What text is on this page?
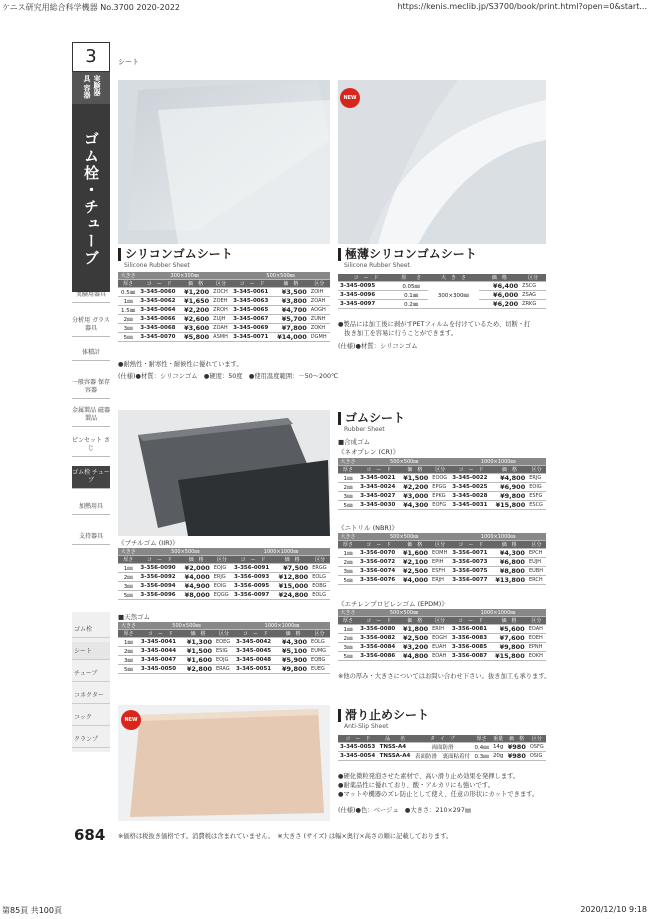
ケニス研究用総合科学機器 No.3700 2020-2022	https://kenis.meclib.jp/S3700/book/print.html?open=0&start...
3
実験器具 容器
ゴム栓・チューブ
シート
NEW
シリコンゴムシート
Silicone Rubber Sheet
大きさ	300×300㎜			500×500㎜		
厚さ	コ　ー　ド	価　格	区分	コ　ー　ド	価　格	区分
0.5㎜	3-345-0060	¥1,200	ZOCH	3-345-0061	¥3,500	ZOIH
1㎜	3-345-0062	¥1,650	ZOEH	3-345-0063	¥3,800	ZOAH
1.5㎜	3-345-0064	¥2,200	ZROH	3-345-0065	¥4,700	AOGH
2㎜	3-345-0066	¥2,600	ZUJH	3-345-0067	¥5,700	ZUNH
3㎜	3-345-0068	¥3,600	ZOAH	3-345-0069	¥7,800	ZOKH
5㎜	3-345-0070	¥5,800	ASMH	3-345-0071	¥14,000	DGMH
●耐熱性・耐寒性・耐候性に優れています。
(仕様)●材質：シリコンゴム　●硬度：50度　●使用温度範囲：－50～200℃
極薄シリコンゴムシート
Silicone Rubber Sheet
コ　ー　ド	厚　　さ	大　き　さ	価　格	区分
3-345-0095	0.05㎜	300×300㎜	¥6,400	ZSCG
3-345-0096	0.1㎜		¥6,000	ZSAG
3-345-0097	0.2㎜		¥6,200	ZRKG
●製品には加工後に剥がすPETフィルムを付けているため、切断・打
　抜き加工を容易に行うことができます。
(仕様)●材質：シリコンゴム
ゴムシート
Rubber Sheet
■合成ゴム
《ネオプレン (CR)》
大きさ	500×500㎜			1000×1000㎜		
厚さ	コ　ー　ド	価　格	区分	コ　ー　ド	価　格	区分
1㎜	3-345-0021	¥1,500	EOOG	3-345-0022	¥4,800	ERJG
2㎜	3-345-0024	¥2,200	EPGG	3-345-0025	¥6,900	EOIG
3㎜	3-345-0027	¥3,000	EPKG	3-345-0028	¥9,800	ESFG
5㎜	3-345-0030	¥4,300	EOFG	3-345-0031	¥15,800	ESCG
《ニトリル (NBR)》
大きさ	500×500㎜			1000×1000㎜		
厚さ	コ　ー　ド	価　格	区分	コ　ー　ド	価　格	区分
1㎜	3-356-0070	¥1,600	EOMH	3-356-0071	¥4,300	EPCH
2㎜	3-356-0072	¥2,100	EPIH	3-356-0073	¥6,800	EUJH
3㎜	3-356-0074	¥2,500	ESFH	3-356-0075	¥8,800	EUBH
5㎜	3-356-0076	¥4,000	ERJH	3-356-0077	¥13,800	ERCH
《エチレンプロピレンゴム (EPDM)》
大きさ	500×500㎜			1000×1000㎜		
厚さ	コ　ー　ド	価　格	区分	コ　ー　ド	価　格	区分
1㎜	3-356-0080	¥1,800	ERIH	3-356-0081	¥5,600	EOAH
2㎜	3-356-0082	¥2,500	EOGH	3-356-0083	¥7,600	EOEH
3㎜	3-356-0084	¥3,200	EUAH	3-356-0085	¥9,800	EPNH
5㎜	3-356-0086	¥4,800	EOAH	3-356-0087	¥15,800	EOKH
※他の厚み・大きさについてはお問い合わせ下さい。抜き加工も承ります。
《ブチルゴム (IIR)》
大きさ	500×500㎜			1000×1000㎜		
厚さ	コ　ー　ド	価　格	区分	コ　ー　ド	価　格	区分
1㎜	3-356-0090	¥2,000	EOJG	3-356-0091	¥7,500	ERGG
2㎜	3-356-0092	¥4,000	ERJG	3-356-0093	¥12,800	EOLG
3㎜	3-356-0094	¥4,900	EOIG	3-356-0095	¥15,000	EOBG
5㎜	3-356-0096	¥8,000	EQGG	3-356-0097	¥24,800	EOLG
■天然ゴム
大きさ	500×500㎜			1000×1000㎜		
厚さ	コ　ー　ド	価　格	区分	コ　ー　ド	価　格	区分
1㎜	3-345-0041	¥1,300	EOEG	3-345-0042	¥4,300	EOLG
2㎜	3-345-0044	¥1,500	ESIG	3-345-0045	¥5,100	EUMG
3㎜	3-345-0047	¥1,600	EOJG	3-345-0048	¥5,900	EQBG
5㎜	3-345-0050	¥2,800	ERAG	3-345-0051	¥9,800	EUEG
NEW	滑り止めシート
Anti-Slip Sheet
コ　ー　ド	品　　名	タ　イ　プ	厚さ	重量	価　格	区分
3-345-0053	TNSS-A4	両面防滑	0.4㎜	14g	¥980	OSFG
3-345-0054	TNSSA-A4	表面防滑　裏面粘着付	0.3㎜	20g	¥980	OSIG
●硬化微粒発泡させた素材で、高い滑り止め効果を発揮します。
●耐薬品性に優れており、酸・アルカリにも強いです。
●マットや機器のズレ防止として使え、任意の形状にカットできます。
(仕様)●色：ベージュ　●大きさ：210×297㎜
684 ※価格は税抜き価格です。消費税は含まれていません。　※大きさ (サイズ) は幅×奥行×高さの順に記載しております。
第85頁 共100頁	2020/12/10 9:18
実験用器具
分析用 ガラス器具
体積計
一般容器 保存容器
金属製品 磁器製品
ピンセット さじ
ゴム栓 チューブ
加熱用具
支持器具
ゴム栓
シート
チューブ
コネクター
コック
クランプ
